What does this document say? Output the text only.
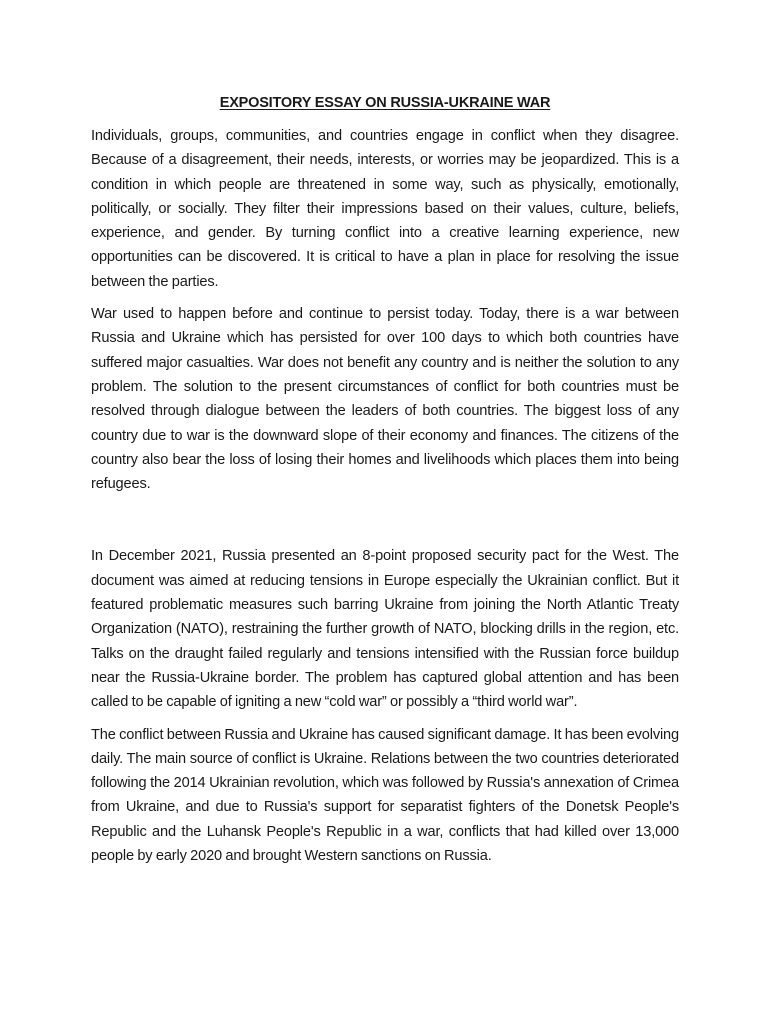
EXPOSITORY ESSAY ON RUSSIA-UKRAINE WAR

Individuals, groups, communities, and countries engage in conflict when they disagree. Because of a disagreement, their needs, interests, or worries may be jeopardized. This is a condition in which people are threatened in some way, such as physically, emotionally, politically, or socially. They filter their impressions based on their values, culture, beliefs, experience, and gender. By turning conflict into a creative learning experience, new opportunities can be discovered. It is critical to have a plan in place for resolving the issue between the parties.

War used to happen before and continue to persist today. Today, there is a war between Russia and Ukraine which has persisted for over 100 days to which both countries have suffered major casualties. War does not benefit any country and is neither the solution to any problem. The solution to the present circumstances of conflict for both countries must be resolved through dialogue between the leaders of both countries. The biggest loss of any country due to war is the downward slope of their economy and finances. The citizens of the country also bear the loss of losing their homes and livelihoods which places them into being refugees.

In December 2021, Russia presented an 8-point proposed security pact for the West. The document was aimed at reducing tensions in Europe especially the Ukrainian conflict. But it featured problematic measures such barring Ukraine from joining the North Atlantic Treaty Organization (NATO), restraining the further growth of NATO, blocking drills in the region, etc. Talks on the draught failed regularly and tensions intensified with the Russian force buildup near the Russia-Ukraine border. The problem has captured global attention and has been called to be capable of igniting a new “cold war” or possibly a “third world war”.

The conflict between Russia and Ukraine has caused significant damage. It has been evolving daily. The main source of conflict is Ukraine. Relations between the two countries deteriorated following the 2014 Ukrainian revolution, which was followed by Russia's annexation of Crimea from Ukraine, and due to Russia's support for separatist fighters of the Donetsk People's Republic and the Luhansk People's Republic in a war, conflicts that had killed over 13,000 people by early 2020 and brought Western sanctions on Russia.
